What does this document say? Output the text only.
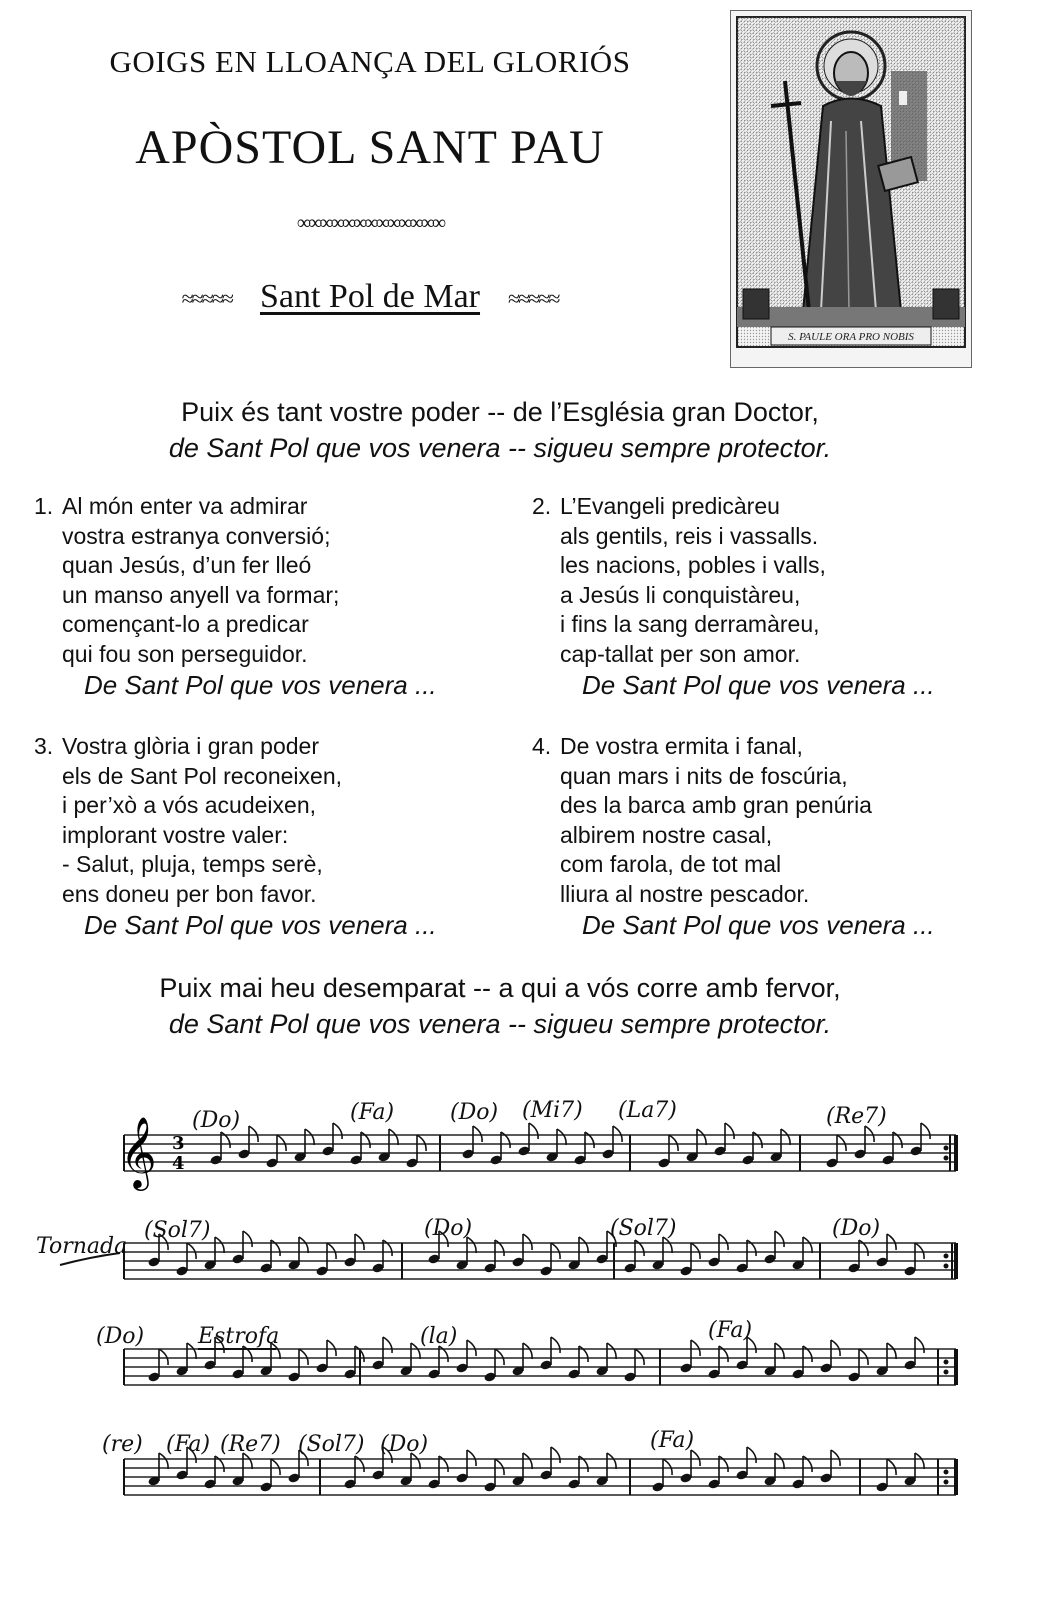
GOIGS EN LLOANÇA DEL GLORIÓS
APÒSTOL SANT PAU
∞∞∞∞∞∞∞∞∞∞∞∞∞
≈≈≈≈≈ Sant Pol de Mar ≈≈≈≈≈
S. PAULE ORA PRO NOBIS
Puix és tant vostre poder -- de l’Església gran Doctor,
de Sant Pol que vos venera -- sigueu sempre protector.
1. Al món enter va admirar
vostra estranya conversió;
quan Jesús, d’un fer lleó
un manso anyell va formar;
començant-lo a predicar
qui fou son perseguidor.
De Sant Pol que vos venera ...
2. L’Evangeli predicàreu
als gentils, reis i vassalls.
les nacions, pobles i valls,
a Jesús li conquistàreu,
i fins la sang derramàreu,
cap-tallat per son amor.
De Sant Pol que vos venera ...
3. Vostra glòria i gran poder
els de Sant Pol reconeixen,
i per’xò a vós acudeixen,
implorant vostre valer:
- Salut, pluja, temps serè,
ens doneu per bon favor.
De Sant Pol que vos venera ...
4. De vostra ermita i fanal,
quan mars i nits de foscúria,
des la barca amb gran penúria
albirem nostre casal,
com farola, de tot mal
lliura al nostre pescador.
De Sant Pol que vos venera ...
Puix mai heu desemparat -- a qui a vós corre amb fervor,
de Sant Pol que vos venera -- sigueu sempre protector.
𝄞 3
4
Tornada
Estrofa
(Do)	(Fa)	(Do) (Mi7) (La7)	(Re7)
(Sol7)	(Do)	(Sol7)	(Do)
(Do)	(la)	(Fa)
(re) (Fa) (Re7) (Sol7) (Do)	(Fa)
